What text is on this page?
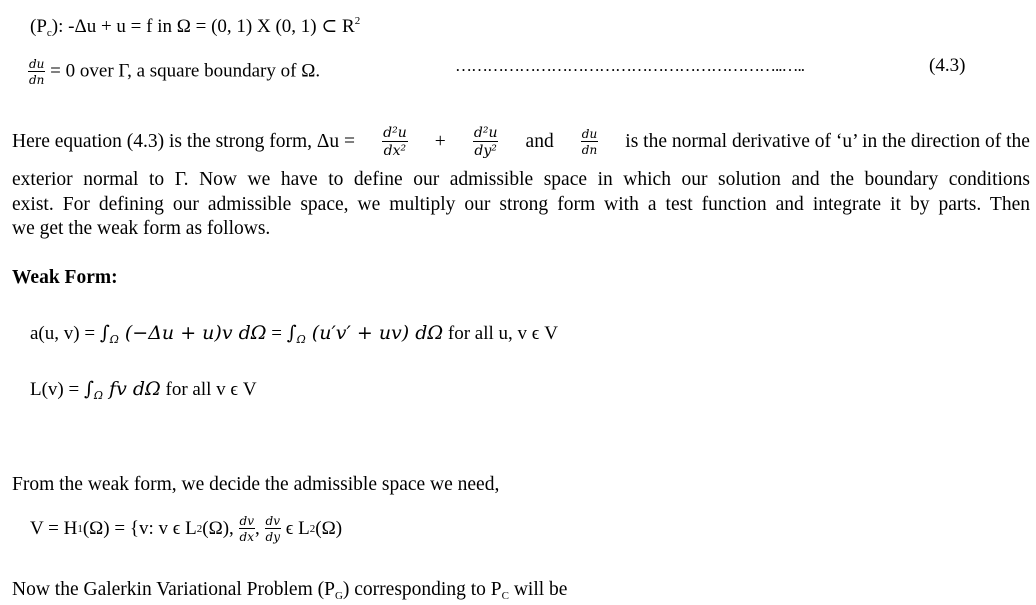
$(P_c)$: -Δu + u = f in Ω = (0, 1) X (0, 1) ⊂ $R^2$
$\frac{du}{dn} = 0$ over Γ, a square boundary of Ω.	……………………………………………………..…..	(4.3)
Here equation (4.3) is the strong form, $\Delta u = \frac{\text{d²u}}{\text{dx²}} + \frac{\text{d²u}}{\text{dy²}}$ and $\frac{du}{dn}$ is the normal derivative of ‘u’ in the direction of the
exterior normal to Γ. Now we have to define our admissible space in which our solution and the boundary conditions
exist. For defining our admissible space, we multiply our strong form with a test function and integrate it by parts. Then
we get the weak form as follows.
Weak Form:
a(u, $v) = \int_\Omega$ (−Δu + u)v $d\Omega = \int_\Omega$ (u′v′ + uv) dΩ for all u, v ϵ V
$L(v) = \int_\Omega$ fv dΩ for all v ϵ V
From the weak form, we decide the admissible space we need,
V = H 1 (Ω) = {v: v ϵ L 2 (Ω), $\frac{dv}{dx}$ , $\frac{dv}{dy}$ ϵ L 2 (Ω)
Now the Galerkin Variational Problem $(P_G)$ corresponding to $P_C$ will be
